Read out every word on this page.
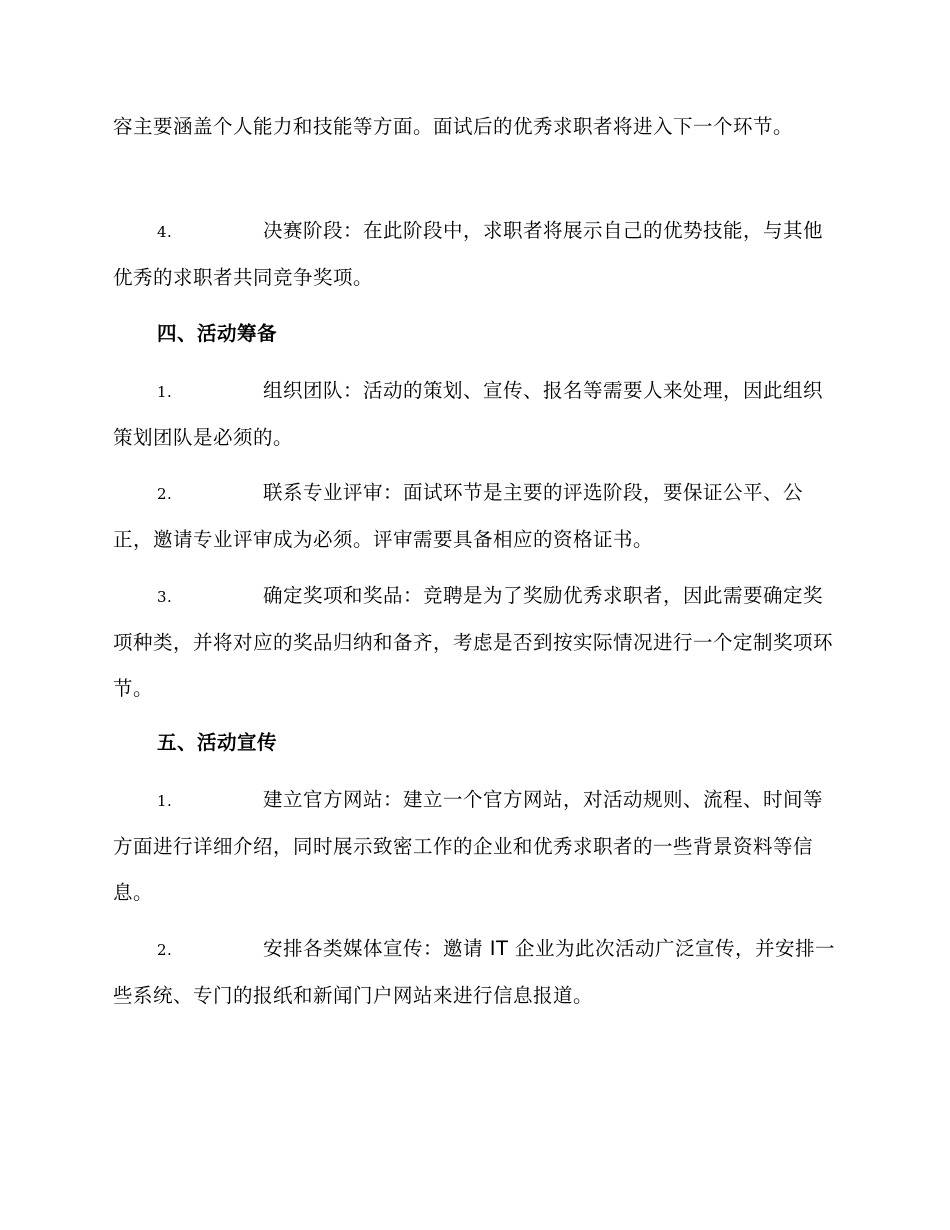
容主要涵盖个人能力和技能等方面。面试后的优秀求职者将进入下一个环节。

4.	决赛阶段：在此阶段中，求职者将展示自己的优势技能，与其他优秀的求职者共同竞争奖项。

四、活动筹备

1.	组织团队：活动的策划、宣传、报名等需要人来处理，因此组织策划团队是必须的。

2.	联系专业评审：面试环节是主要的评选阶段，要保证公平、公正，邀请专业评审成为必须。评审需要具备相应的资格证书。

3.	确定奖项和奖品：竞聘是为了奖励优秀求职者，因此需要确定奖项种类，并将对应的奖品归纳和备齐，考虑是否到按实际情况进行一个定制奖项环节。

五、活动宣传

1.	建立官方网站：建立一个官方网站，对活动规则、流程、时间等方面进行详细介绍，同时展示致密工作的企业和优秀求职者的一些背景资料等信息。

2.	安排各类媒体宣传：邀请 IT 企业为此次活动广泛宣传，并安排一些系统、专门的报纸和新闻门户网站来进行信息报道。
